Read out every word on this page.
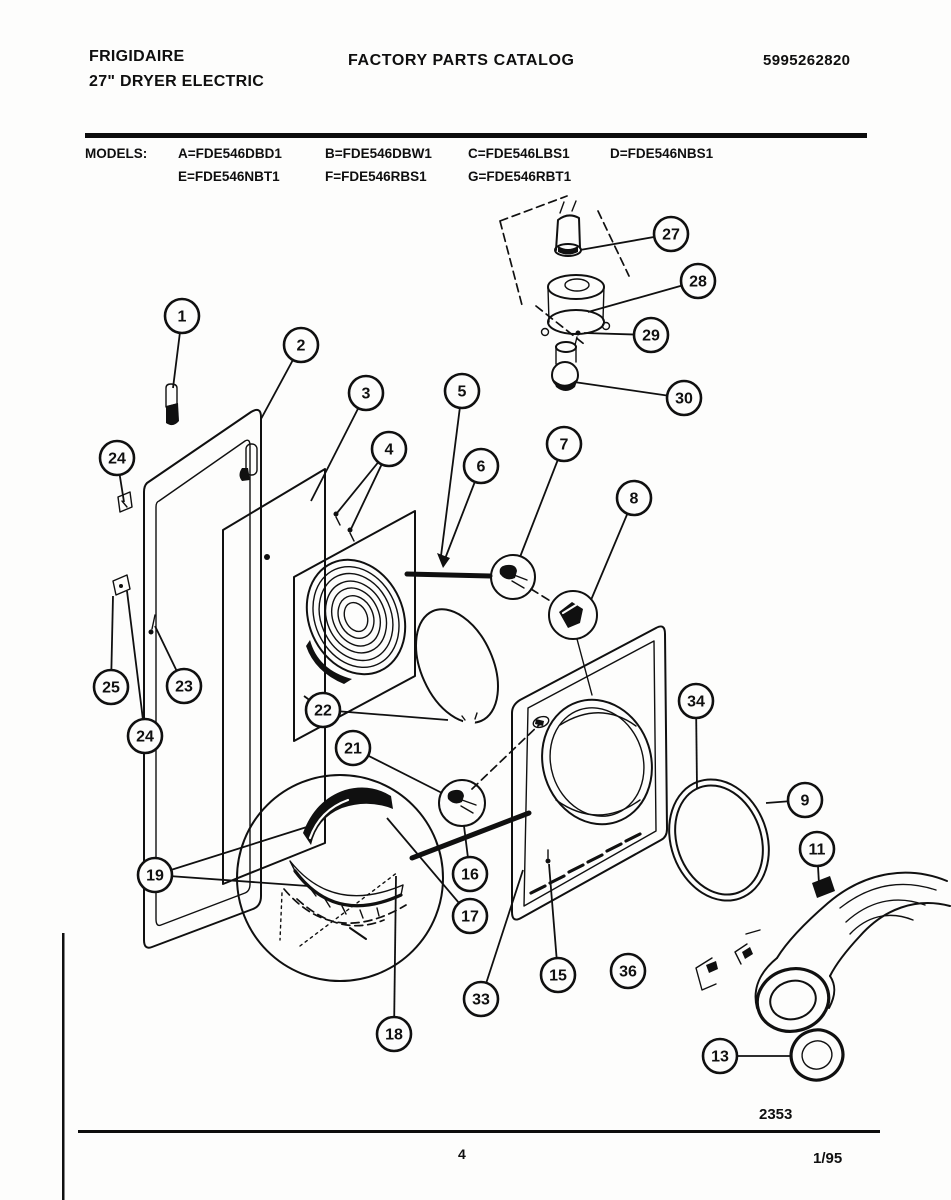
FRIGIDAIRE
27" DRYER ELECTRIC
FACTORY PARTS CATALOG	5995262820
MODELS: A=FDE546DBD1	B=FDE546DBW1	C=FDE546LBS1	D=FDE546NBS1
E=FDE546NBT1	F=FDE546RBS1	G=FDE546RBT1
1
2
3
4
5
6
7
8
9
11
13
15
16
17
18
19
21
22
23
24
24
25
27
28
29
30
33
34
36
2353
4	1/95
